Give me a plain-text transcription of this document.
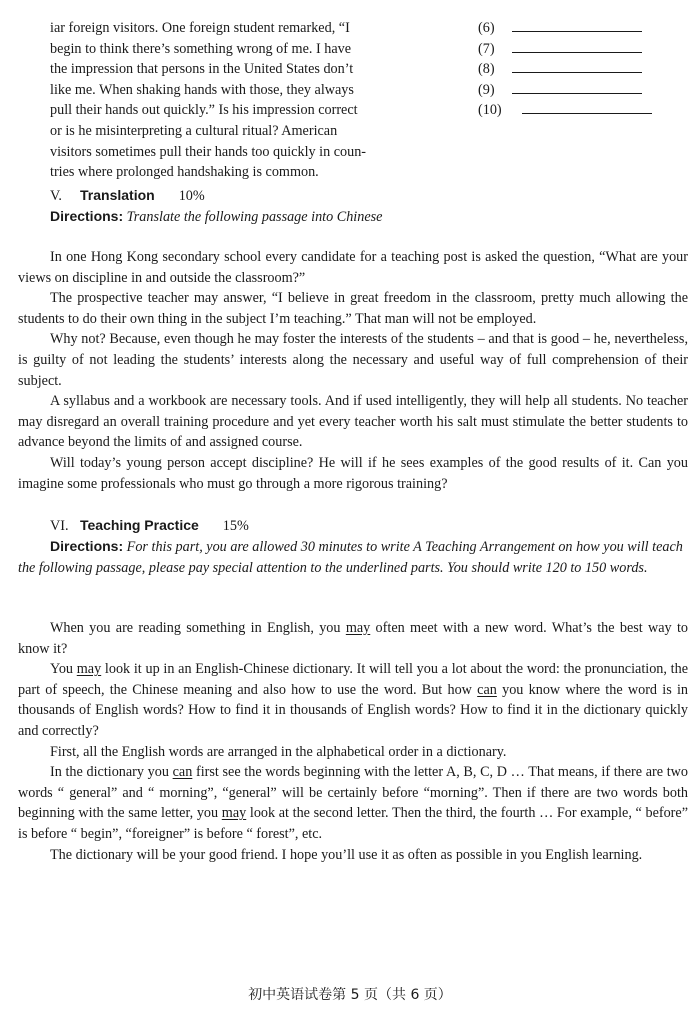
iar foreign visitors. One foreign student remarked, “I
begin to think there’s something wrong of me. I have
the impression that persons in the United States don’t
like me. When shaking hands with those, they always
pull their hands out quickly.” Is his impression correct
or is he misinterpreting a cultural ritual? American
visitors sometimes pull their hands too quickly in coun-
tries where prolonged handshaking is common.
(6)
(7)
(8)
(9)
(10)
V. Translation 10%
Directions: Translate the following passage into Chinese

In one Hong Kong secondary school every candidate for a teaching post is asked the question, “What are your views on discipline in and outside the classroom?”

The prospective teacher may answer, “I believe in great freedom in the classroom, pretty much allowing the students to do their own thing in the subject I’m teaching.” That man will not be employed.

Why not? Because, even though he may foster the interests of the students – and that is good – he, nevertheless, is guilty of not leading the students’ interests along the necessary and useful way of full comprehension of their subject.

A syllabus and a workbook are necessary tools. And if used intelligently, they will help all students. No teacher may disregard an overall training procedure and yet every teacher worth his salt must stimulate the better students to advance beyond the limits of and assigned course.

Will today’s young person accept discipline? He will if he sees examples of the good results of it. Can you imagine some professionals who must go through a more rigorous training?

VI. Teaching Practice 15%
Directions: For this part, you are allowed 30 minutes to write A Teaching Arrangement on how you will teach the following passage, please pay special attention to the underlined parts. You should write 120 to 150 words.

When you are reading something in English, you may often meet with a new word. What’s the best way to know it?

You may look it up in an English-Chinese dictionary. It will tell you a lot about the word: the pronunciation, the part of speech, the Chinese meaning and also how to use the word. But how can you know where the word is in thousands of English words? How to find it in thousands of English words? How to find it in the dictionary quickly and correctly?

First, all the English words are arranged in the alphabetical order in a dictionary.

In the dictionary you can first see the words beginning with the letter A, B, C, D … That means, if there are two words “ general” and “ morning”, “general” will be certainly before “morning”. Then if there are two words both beginning with the same letter, you may look at the second letter. Then the third, the fourth … For example, “ before” is before “ begin”, “foreigner” is before “ forest”, etc.

The dictionary will be your good friend. I hope you’ll use it as often as possible in you English learning.

初中英语试卷第 5 页（共 6 页）
